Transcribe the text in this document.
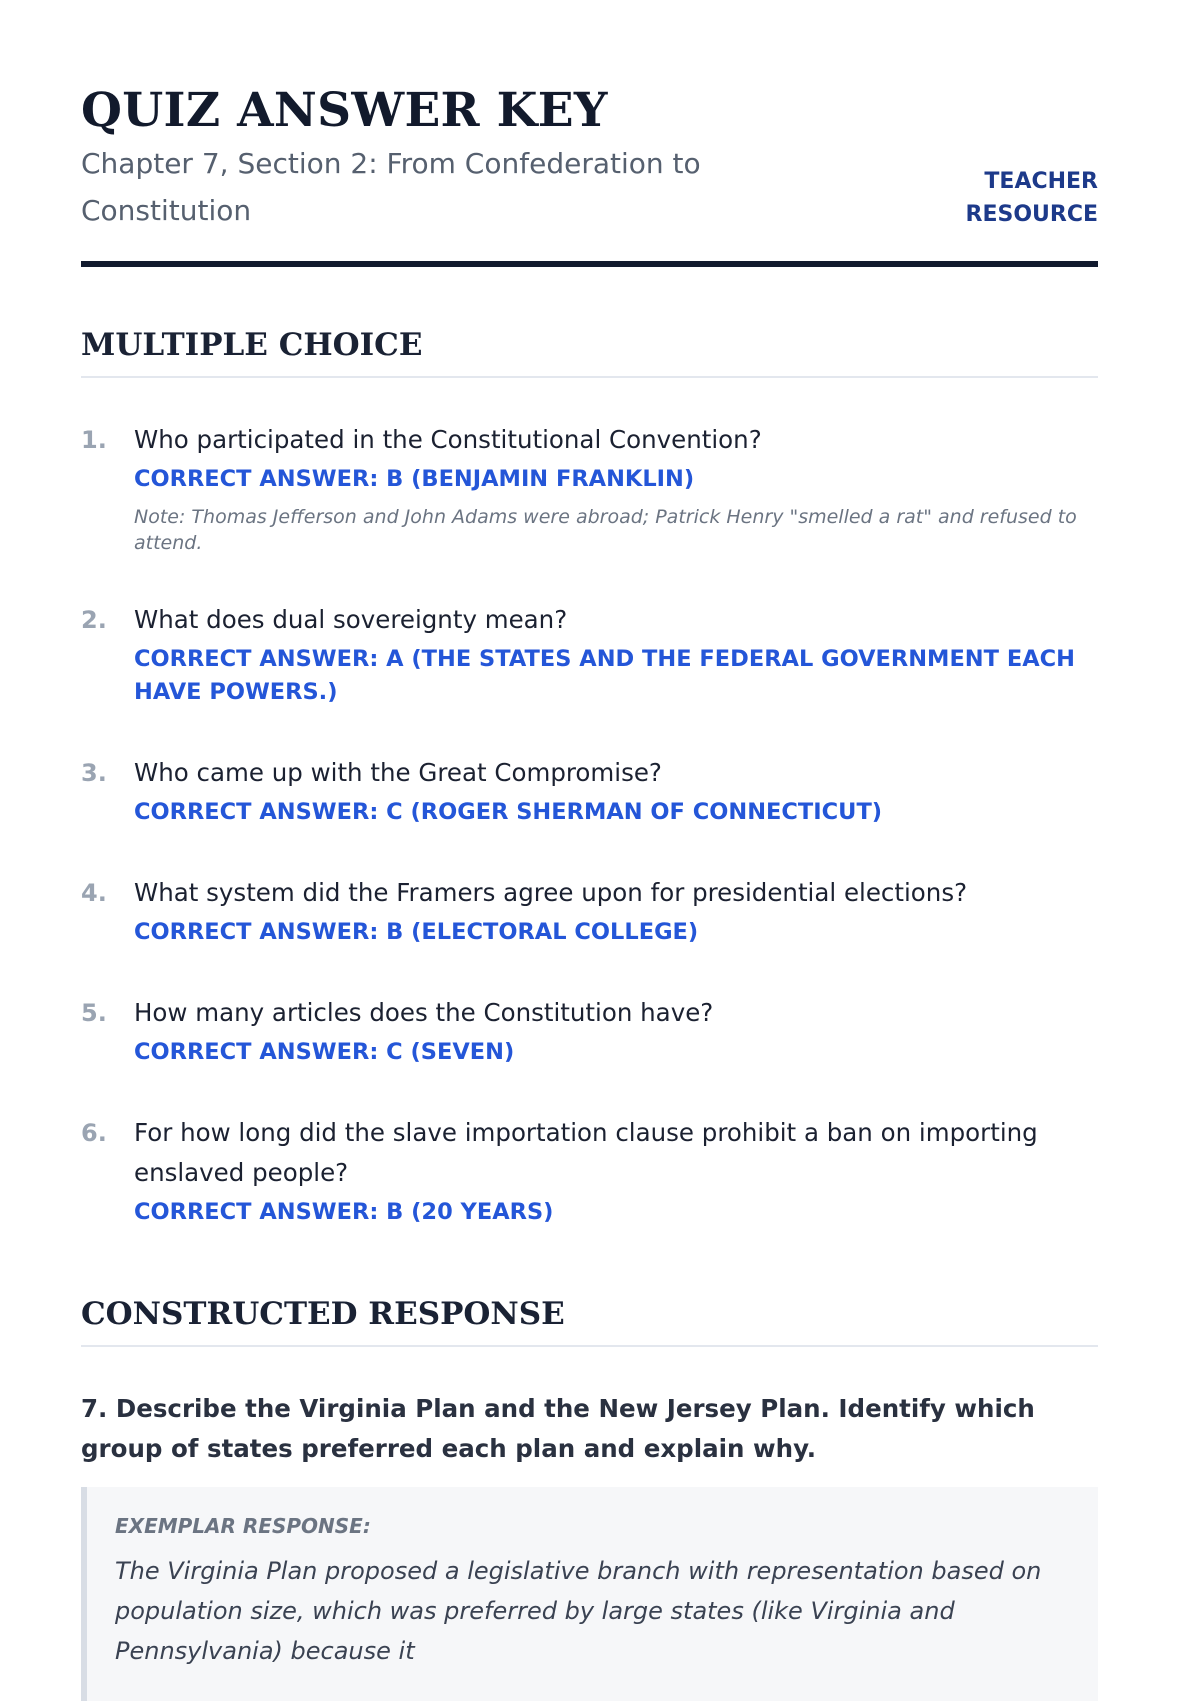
QUIZ ANSWER KEY
Chapter 7, Section 2: From Confederation to Constitution
TEACHER RESOURCE
MULTIPLE CHOICE
1. Who participated in the Constitutional Convention?
CORRECT ANSWER: B (BENJAMIN FRANKLIN)
Note: Thomas Jefferson and John Adams were abroad; Patrick Henry "smelled a rat" and refused to attend.
2. What does dual sovereignty mean?
CORRECT ANSWER: A (THE STATES AND THE FEDERAL GOVERNMENT EACH HAVE POWERS.)
3. Who came up with the Great Compromise?
CORRECT ANSWER: C (ROGER SHERMAN OF CONNECTICUT)
4. What system did the Framers agree upon for presidential elections?
CORRECT ANSWER: B (ELECTORAL COLLEGE)
5. How many articles does the Constitution have?
CORRECT ANSWER: C (SEVEN)
6. For how long did the slave importation clause prohibit a ban on importing enslaved people?
CORRECT ANSWER: B (20 YEARS)
CONSTRUCTED RESPONSE
7. Describe the Virginia Plan and the New Jersey Plan. Identify which group of states preferred each plan and explain why.
EXEMPLAR RESPONSE:
The Virginia Plan proposed a legislative branch with representation based on population size, which was preferred by large states (like Virginia and Pennsylvania) because it
